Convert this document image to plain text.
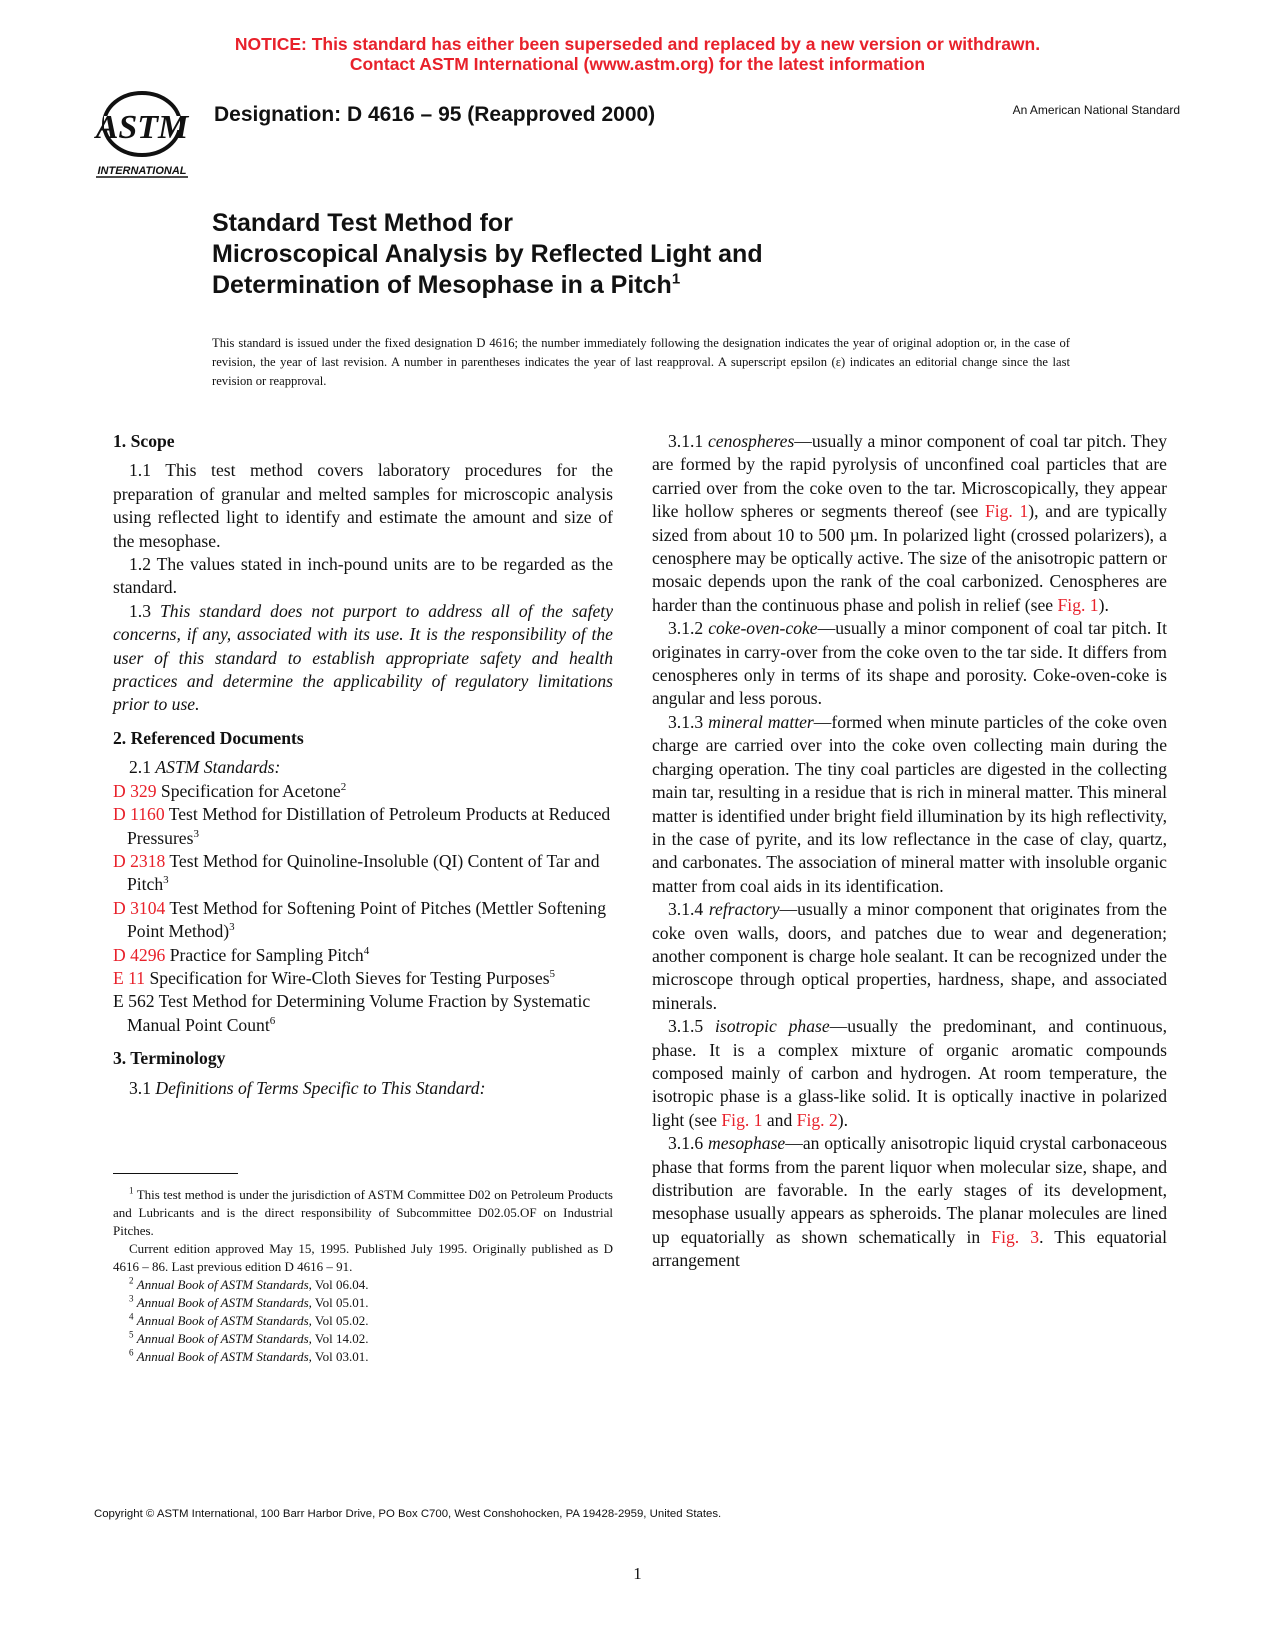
NOTICE: This standard has either been superseded and replaced by a new version or withdrawn.
Contact ASTM International (www.astm.org) for the latest information
ASTM
INTERNATIONAL
Designation: D 4616 – 95 (Reapproved 2000)	An American National Standard
Standard Test Method for
Microscopical Analysis by Reflected Light and
Determination of Mesophase in a Pitch$^1$
This standard is issued under the fixed designation D 4616; the number immediately following the designation indicates the year of original adoption or, in the case of revision, the year of last revision. A number in parentheses indicates the year of last reapproval. A superscript epsilon (ε) indicates an editorial change since the last revision or reapproval.

1. Scope

1.1 This test method covers laboratory procedures for the preparation of granular and melted samples for microscopic analysis using reflected light to identify and estimate the amount and size of the mesophase.

1.2 The values stated in inch-pound units are to be regarded as the standard.

1.3 This standard does not purport to address all of the safety concerns, if any, associated with its use. It is the responsibility of the user of this standard to establish appropriate safety and health practices and determine the applicability of regulatory limitations prior to use.

2. Referenced Documents

2.1 ASTM Standards:

D 329 Specification for Acetone$^2$

D 1160 Test Method for Distillation of Petroleum Products at Reduced Pressures$^3$

D 2318 Test Method for Quinoline-Insoluble (QI) Content of Tar and Pitch$^3$

D 3104 Test Method for Softening Point of Pitches (Mettler Softening Point Method)$^3$

D 4296 Practice for Sampling Pitch$^4$

E 11 Specification for Wire-Cloth Sieves for Testing Purposes$^5$

E 562 Test Method for Determining Volume Fraction by Systematic Manual Point Count$^6$

3. Terminology

3.1 Definitions of Terms Specific to This Standard:

$^1$ This test method is under the jurisdiction of ASTM Committee D02 on Petroleum Products and Lubricants and is the direct responsibility of Subcommittee D02.05.OF on Industrial Pitches.

Current edition approved May 15, 1995. Published July 1995. Originally published as D 4616 – 86. Last previous edition D 4616 – 91.

$^2$ Annual Book of ASTM Standards, Vol 06.04.

$^3$ Annual Book of ASTM Standards, Vol 05.01.

$^4$ Annual Book of ASTM Standards, Vol 05.02.

$^5$ Annual Book of ASTM Standards, Vol 14.02.

$^6$ Annual Book of ASTM Standards, Vol 03.01.

3.1.1 cenospheres—usually a minor component of coal tar pitch. They are formed by the rapid pyrolysis of unconfined coal particles that are carried over from the coke oven to the tar. Microscopically, they appear like hollow spheres or segments thereof (see Fig. 1), and are typically sized from about 10 to 500 µm. In polarized light (crossed polarizers), a cenosphere may be optically active. The size of the anisotropic pattern or mosaic depends upon the rank of the coal carbonized. Cenospheres are harder than the continuous phase and polish in relief (see Fig. 1).

3.1.2 coke-oven-coke—usually a minor component of coal tar pitch. It originates in carry-over from the coke oven to the tar side. It differs from cenospheres only in terms of its shape and porosity. Coke-oven-coke is angular and less porous.

3.1.3 mineral matter—formed when minute particles of the coke oven charge are carried over into the coke oven collecting main during the charging operation. The tiny coal particles are digested in the collecting main tar, resulting in a residue that is rich in mineral matter. This mineral matter is identified under bright field illumination by its high reflectivity, in the case of pyrite, and its low reflectance in the case of clay, quartz, and carbonates. The association of mineral matter with insoluble organic matter from coal aids in its identification.

3.1.4 refractory—usually a minor component that originates from the coke oven walls, doors, and patches due to wear and degeneration; another component is charge hole sealant. It can be recognized under the microscope through optical properties, hardness, shape, and associated minerals.

3.1.5 isotropic phase—usually the predominant, and continuous, phase. It is a complex mixture of organic aromatic compounds composed mainly of carbon and hydrogen. At room temperature, the isotropic phase is a glass-like solid. It is optically inactive in polarized light (see Fig. 1 and Fig. 2).

3.1.6 mesophase—an optically anisotropic liquid crystal carbonaceous phase that forms from the parent liquor when molecular size, shape, and distribution are favorable. In the early stages of its development, mesophase usually appears as spheroids. The planar molecules are lined up equatorially as shown schematically in Fig. 3. This equatorial arrangement

Copyright © ASTM International, 100 Barr Harbor Drive, PO Box C700, West Conshohocken, PA 19428-2959, United States.
1
